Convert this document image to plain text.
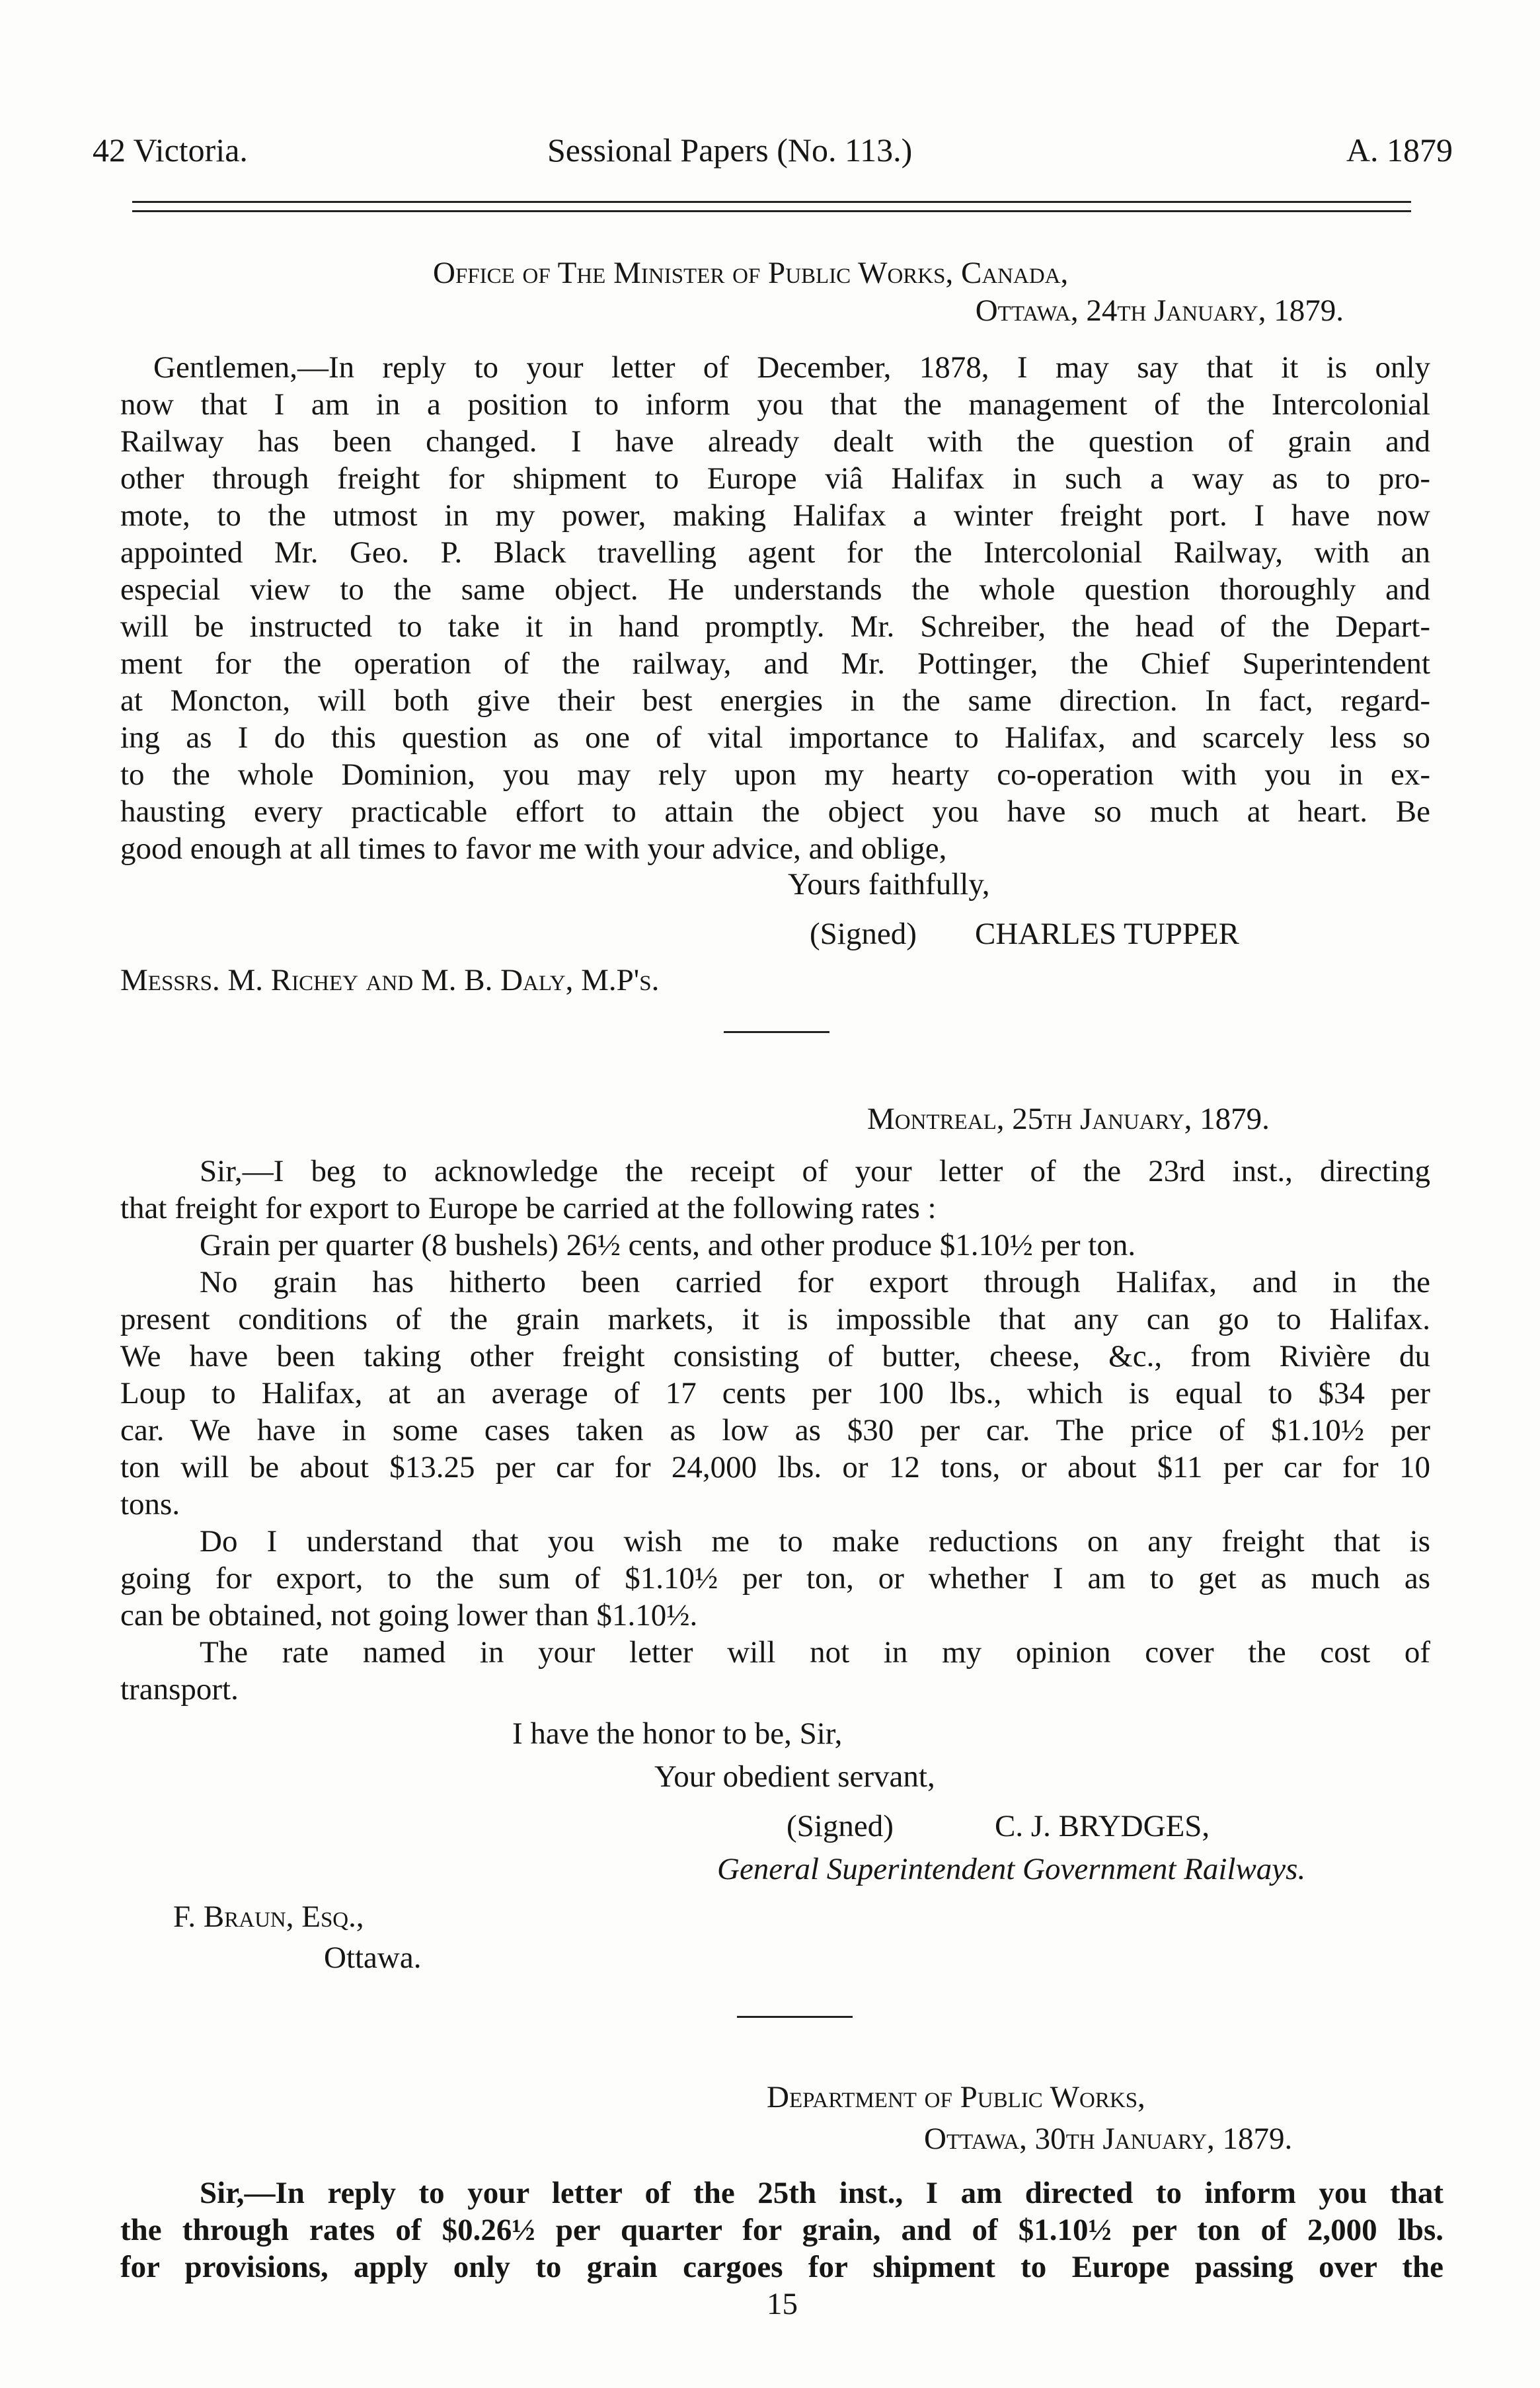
42 Victoria.	Sessional Papers (No. 113.)	A. 1879
Office of The Minister of Public Works, Canada,
Ottawa, 24th January, 1879.
Gentlemen,—In reply to your letter of December, 1878, I may say that it is only
now that I am in a position to inform you that the management of the Intercolonial
Railway has been changed. I have already dealt with the question of grain and
other through freight for shipment to Europe viâ Halifax in such a way as to pro-
mote, to the utmost in my power, making Halifax a winter freight port. I have now
appointed Mr. Geo. P. Black travelling agent for the Intercolonial Railway, with an
especial view to the same object. He understands the whole question thoroughly and
will be instructed to take it in hand promptly. Mr. Schreiber, the head of the Depart-
ment for the operation of the railway, and Mr. Pottinger, the Chief Superintendent
at Moncton, will both give their best energies in the same direction. In fact, regard-
ing as I do this question as one of vital importance to Halifax, and scarcely less so
to the whole Dominion, you may rely upon my hearty co-operation with you in ex-
hausting every practicable effort to attain the object you have so much at heart. Be
good enough at all times to favor me with your advice, and oblige,
Yours faithfully,
(Signed) CHARLES TUPPER
Messrs. M. Richey and M. B. Daly, M.P's.
Montreal, 25th January, 1879.
Sir,—I beg to acknowledge the receipt of your letter of the 23rd inst., directing
that freight for export to Europe be carried at the following rates :
Grain per quarter (8 bushels) 26½ cents, and other produce $1.10½ per ton.
No grain has hitherto been carried for export through Halifax, and in the
present conditions of the grain markets, it is impossible that any can go to Halifax.
We have been taking other freight consisting of butter, cheese, &c., from Rivière du
Loup to Halifax, at an average of 17 cents per 100 lbs., which is equal to $34 per
car. We have in some cases taken as low as $30 per car. The price of $1.10½ per
ton will be about $13.25 per car for 24,000 lbs. or 12 tons, or about $11 per car for 10
tons.
Do I understand that you wish me to make reductions on any freight that is
going for export, to the sum of $1.10½ per ton, or whether I am to get as much as
can be obtained, not going lower than $1.10½.
The rate named in your letter will not in my opinion cover the cost of
transport.
I have the honor to be, Sir,
Your obedient servant,
(Signed)	C. J. BRYDGES,
General Superintendent Government Railways.
F. Braun, Esq.,
Ottawa.
Department of Public Works,
Ottawa, 30th January, 1879.
Sir,—In reply to your letter of the 25th inst., I am directed to inform you that
the through rates of $0.26½ per quarter for grain, and of $1.10½ per ton of 2,000 lbs.
for provisions, apply only to grain cargoes for shipment to Europe passing over the
15
